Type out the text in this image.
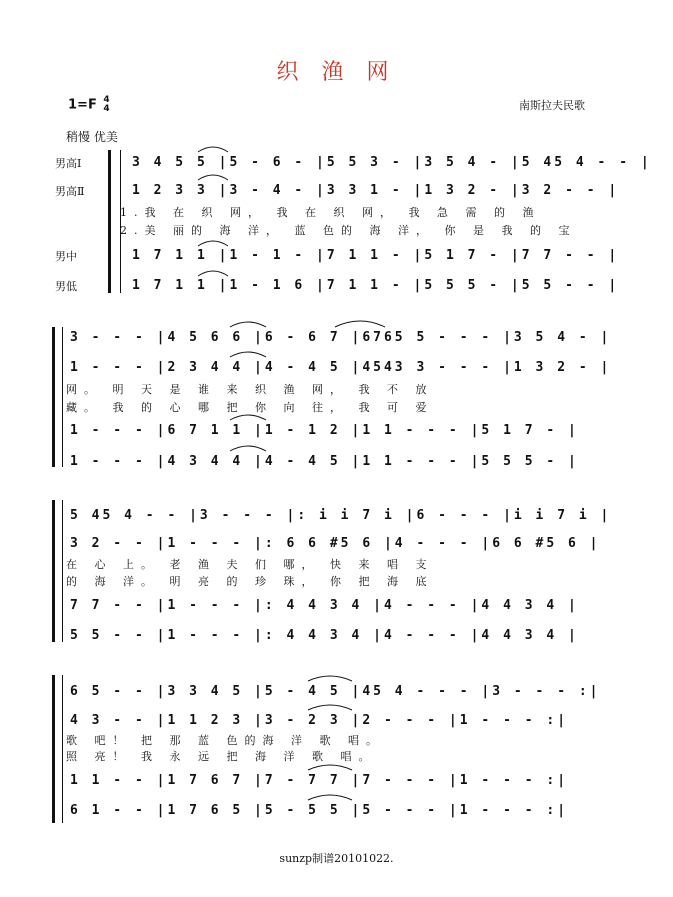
织 渔 网
1=F 4
4	南斯拉夫民歌
稍慢 优美
男高Ⅰ
男高Ⅱ
男中
男低
3 4 5 5 |5 - 6 - |5 5 3 - |3 5 4 - |5 45 4 - - |
1 2 3 3 |3 - 4 - |3 3 1 - |1 3 2 - |3 2 - - |
1.我 在 织 网， 我 在 织 网， 我 急 需 的 渔
2.美 丽的 海 洋， 蓝 色的 海 洋， 你 是 我 的 宝
1 7 1 1 |1 - 1 - |7 1 1 - |5 1 7 - |7 7 - - |
1 7 1 1 |1 - 1 6 |7 1 1 - |5 5 5 - |5 5 - - |
3 - - - |4 5 6 6 |6 - 6 7 |6765 5 - - - |3 5 4 - |
1 - - - |2 3 4 4 |4 - 4 5 |4543 3 - - - |1 3 2 - |
网。 明 天 是 谁 来 织 渔 网， 我 不 放
藏。 我 的 心 哪 把 你 向 往， 我 可 爱
1 - - - |6 7 1 1 |1 - 1 2 |1 1 - - - |5 1 7 - |
1 - - - |4 3 4 4 |4 - 4 5 |1 1 - - - |5 5 5 - |
5 45 4 - - |3 - - - |: i i 7 i |6 - - - |i i 7 i |
3 2 - - |1 - - - |: 6 6 #5 6 |4 - - - |6 6 #5 6 |
在 心 上。 老 渔 夫 们 哪， 快 来 唱 支
的 海 洋。 明 亮 的 珍 珠， 你 把 海 底
7 7 - - |1 - - - |: 4 4 3 4 |4 - - - |4 4 3 4 |
5 5 - - |1 - - - |: 4 4 3 4 |4 - - - |4 4 3 4 |
6 5 - - |3 3 4 5 |5 - 4 5 |45 4 - - - |3 - - - :|
4 3 - - |1 1 2 3 |3 - 2 3 |2 - - - |1 - - - :|
歌 吧！ 把 那 蓝 色的海 洋 歌 唱。
照 亮！ 我 永 远 把 海 洋 歌 唱。
1 1 - - |1 7 6 7 |7 - 7 7 |7 - - - |1 - - - :|
6 1 - - |1 7 6 5 |5 - 5 5 |5 - - - |1 - - - :|
sunzp制谱20101022.
